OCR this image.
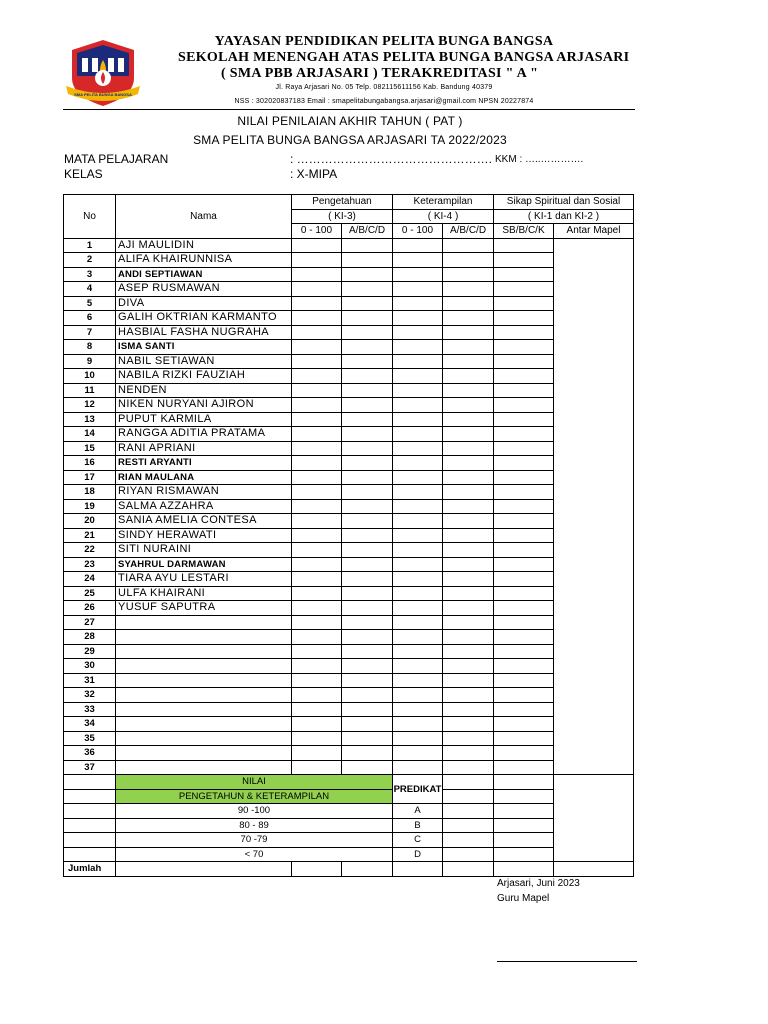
SMA PELITA BUNGA BANGSA
YAYASAN PENDIDIKAN PELITA BUNGA BANGSA
SEKOLAH MENENGAH ATAS PELITA BUNGA BANGSA ARJASARI
( SMA PBB ARJASARI ) TERAKREDITASI " A "
Jl. Raya Arjasari No. 05 Telp. 082115611156 Kab. Bandung 40379
NSS : 302020837183 Email : smapelitabungabangsa.arjasari@gmail.com NPSN 20227874
NILAI PENILAIAN AKHIR TAHUN ( PAT )
SMA PELITA BUNGA BANGSA ARJASARI TA 2022/2023
MATA PELAJARAN	: …………………………………………. KKM : …..………….
KELAS	: X-MIPA
No	Nama	Pengetahuan		Keterampilan		Sikap Spiritual dan Sosial	
		( KI-3)		( KI-4 )		( KI-1 dan KI-2 )	
		0 - 100	A/B/C/D	0 - 100	A/B/C/D	SB/B/C/K	Antar Mapel
1	AJI MAULIDIN						
2	ALIFA KHAIRUNNISA						
3	ANDI SEPTIAWAN						
4	ASEP RUSMAWAN						
5	DIVA						
6	GALIH OKTRIAN KARMANTO						
7	HASBIAL FASHA NUGRAHA						
8	ISMA SANTI						
9	NABIL SETIAWAN						
10	NABILA RIZKI FAUZIAH						
11	NENDEN						
12	NIKEN NURYANI AJIRON						
13	PUPUT KARMILA						
14	RANGGA ADITIA PRATAMA						
15	RANI APRIANI						
16	RESTI ARYANTI						
17	RIAN MAULANA						
18	RIYAN RISMAWAN						
19	SALMA AZZAHRA						
20	SANIA AMELIA CONTESA						
21	SINDY HERAWATI						
22	SITI NURAINI						
23	SYAHRUL DARMAWAN						
24	TIARA AYU LESTARI						
25	ULFA KHAIRANI						
26	YUSUF SAPUTRA						
27							
28							
29							
30							
31							
32							
33							
34							
35							
36							
37							
	NILAI			PREDIKAT			
	PENGETAHUN & KETERAMPILAN						
	90 -100			A			
	80 - 89			B			
	70 -79			C			
	< 70			D			
Jumlah							
Arjasari, Juni 2023
Guru Mapel
